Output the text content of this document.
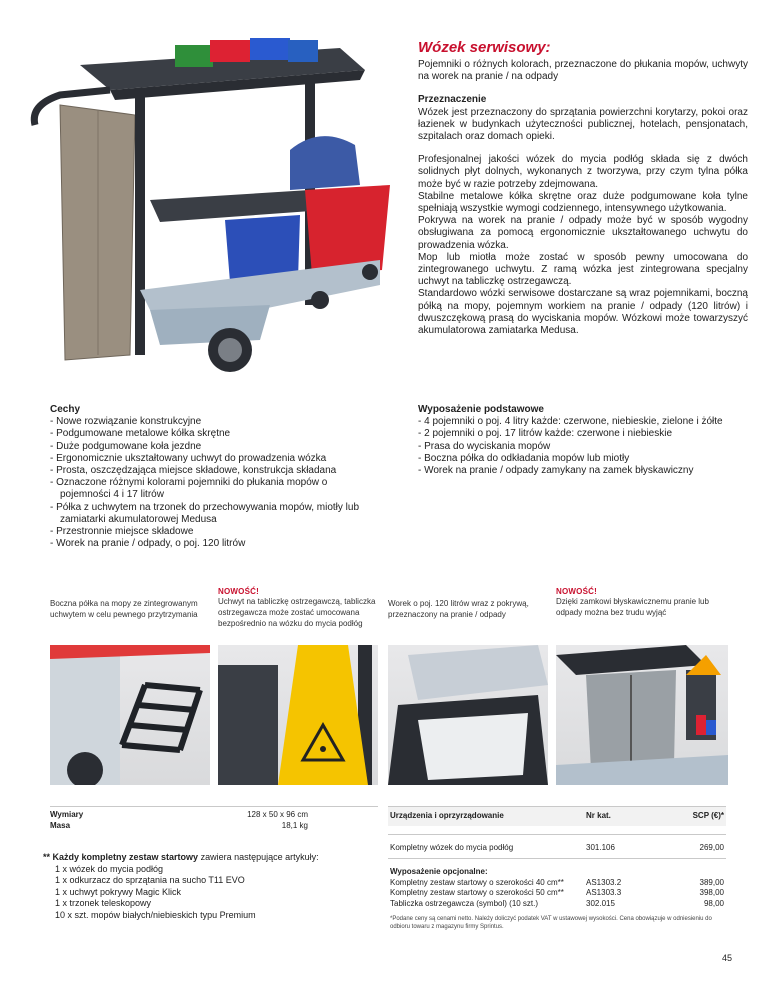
Wózek serwisowy:
Pojemniki o różnych kolorach, przeznaczone do płukania mopów, uchwyty na worek na pranie / na odpady
Przeznaczenie
Wózek jest przeznaczony do sprzątania powierzchni korytarzy, pokoi oraz łazienek w budynkach użyteczności publicznej, hotelach, pensjonatach, szpitalach oraz domach opieki.
Profesjonalnej jakości wózek do mycia podłóg składa się z dwóch solidnych płyt dolnych, wykonanych z tworzywa, przy czym tylna półka może być w razie potrzeby zdejmowana.
Stabilne metalowe kółka skrętne oraz duże podgumowane koła tylne spełniają wszystkie wymogi codziennego, intensywnego użytkowania.
Pokrywa na worek na pranie / odpady może być w sposób wygodny obsługiwana za pomocą ergonomicznie ukształtowanego uchwytu do prowadzenia wózka.
Mop lub miotła może zostać w sposób pewny umocowana do zintegrowanego uchwytu. Z ramą wózka jest zintegrowana specjalny uchwyt na tabliczkę ostrzegawczą.
Standardowo wózki serwisowe dostarczane są wraz pojemnikami, boczną półką na mopy, pojemnym workiem na pranie / odpady (120 litrów) i dwuszczękową prasą do wyciskania mopów. Wózkowi może towarzyszyć akumulatorowa zamiatarka Medusa.
Cechy
- Nowe rozwiązanie konstrukcyjne
- Podgumowane metalowe kółka skrętne
- Duże podgumowane koła jezdne
- Ergonomicznie ukształtowany uchwyt do prowadzenia wózka
- Prosta, oszczędzająca miejsce składowe, konstrukcja składana
- Oznaczone różnymi kolorami pojemniki do płukania mopów o pojemności 4 i 17 litrów
- Półka z uchwytem na trzonek do przechowywania mopów, miotły lub zamiatarki akumulatorowej Medusa
- Przestronnie miejsce składowe
- Worek na pranie / odpady, o poj. 120 litrów
Wyposażenie podstawowe
- 4 pojemniki o poj. 4 litry każde: czerwone, niebieskie, zielone i żółte
- 2 pojemniki o poj. 17 litrów każde: czerwone i niebieskie
- Prasa do wyciskania mopów
- Boczna półka do odkładania mopów lub miotły
- Worek na pranie / odpady zamykany na zamek błyskawiczny
Boczna półka na mopy ze zintegrowanym uchwytem w celu pewnego przytrzymania
NOWOŚĆ!
Uchwyt na tabliczkę ostrzegawczą, tabliczka ostrzegawcza może zostać umocowana bezpośrednio na wózku do mycia podłóg
Worek o poj. 120 litrów wraz z pokrywą, przeznaczony na pranie / odpady
NOWOŚĆ!
Dzięki zamkowi błyskawicznemu pranie lub odpady można bez trudu wyjąć
Wymiary	128 x 50 x 96 cm
Masa	18,1 kg
** Każdy kompletny zestaw startowy zawiera następujące artykuły:
1 x wózek do mycia podłóg
1 x odkurzacz do sprzątania na sucho T11 EVO
1 x uchwyt pokrywy Magic Klick
1 x trzonek teleskopowy
10 x szt. mopów białych/niebieskich typu Premium
Urządzenia i oprzyrządowanie	Nr kat.	SCP (€)*
Kompletny wózek do mycia podłóg	301.106	269,00
Wyposażenie opcjonalne:
Kompletny zestaw startowy o szerokości 40 cm**	AS1303.2	389,00
Kompletny zestaw startowy o szerokości 50 cm**	AS1303.3	398,00
Tabliczka ostrzegawcza (symbol) (10 szt.)	302.015	98,00
*Podane ceny są cenami netto. Należy doliczyć podatek VAT w ustawowej wysokości. Cena obowiązuje w odniesieniu do odbioru towaru z magazynu firmy Sprintus.
45
